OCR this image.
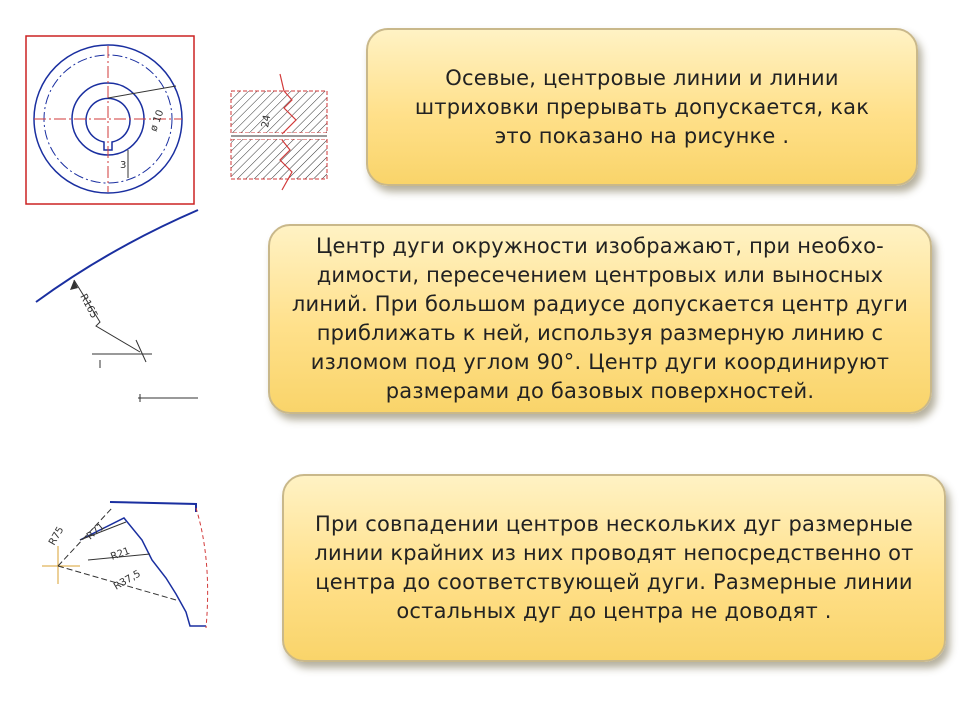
Осевые, центровые линии и линии штриховки прерывать допускается, как это показано на рисунке .

Центр дуги окружности изображают, при необхо-димости, пересечением центровых или выносных линий. При большом радиусе допускается центр дуги приближать к ней, используя размерную линию с изломом под углом 90°. Центр дуги координируют размерами до базовых поверхностей.

При совпадении центров нескольких дуг размерные линии крайних из них проводят непосредственно от центра до соответствующей дуги. Размерные линии остальных дуг до центра не доводят .

ø 10
3
24
R165
R75 R71
R21
R37,5
